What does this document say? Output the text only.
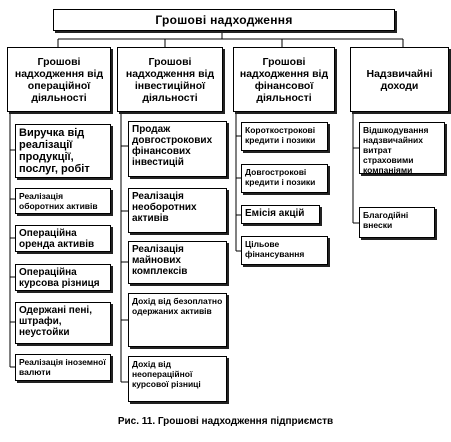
Грошові надходження
Грошові надходження від операційної діяльності
Грошові надходження від інвестиційної діяльності
Грошові надходження від фінансової діяльності
Надзвичайні доходи
Виручка від реалізації продукції, послуг, робіт
Реалізація оборотних активів
Операційна оренда активів
Операційна курсова різниця
Одержані пені, штрафи, неустойки
Реалізація іноземної валюти
Продаж довгострокових фінансових інвестицій
Реалізація необоротних активів
Реалізація майнових комплексів
Дохід від безоплатно одержаних активів
Дохід від неопераційної курсової різниці
Короткострокові кредити і позики
Довгострокові кредити і позики
Емісія акцій
Цільове фінансування
Відшкодування надзвичайних витрат страховими компаніями
Благодійні внески
Рис. 11. Грошові надходження підприємств
